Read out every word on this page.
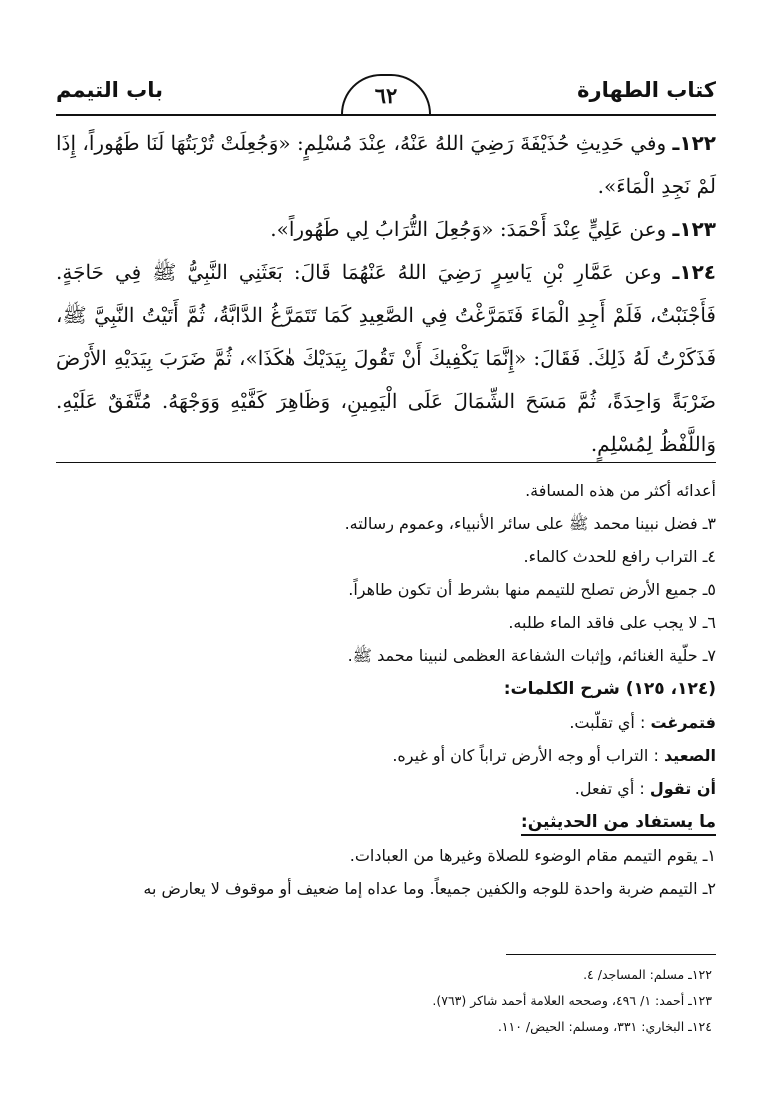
كتاب الطهارة
٦٢
باب التيمم

١٢٢ـ وفي حَدِيثِ حُذَيْفَةَ رَضِيَ اللهُ عَنْهُ، عِنْدَ مُسْلِمٍ: «وَجُعِلَتْ تُرْبَتُهَا لَنَا طَهُوراً، إِذَا لَمْ نَجِدِ الْمَاءَ».

١٢٣ـ وعن عَلِيٍّ عِنْدَ أَحْمَدَ: «وَجُعِلَ التُّرَابُ لِي طَهُوراً».

١٢٤ـ وعن عَمَّارِ بْنِ يَاسِرٍ رَضِيَ اللهُ عَنْهُمَا قَالَ: بَعَثَنِي النَّبِيُّ ﷺ فِي حَاجَةٍ. فَأَجْنَبْتُ، فَلَمْ أَجِدِ الْمَاءَ فَتَمَرَّغْتُ فِي الصَّعِيدِ كَمَا تَتَمَرَّغُ الدَّابَّةُ، ثُمَّ أَتَيْتُ النَّبِيَّ ﷺ، فَذَكَرْتُ لَهُ ذَلِكَ. فَقَالَ: «إِنَّمَا يَكْفِيكَ أَنْ تَقُولَ بِيَدَيْكَ هٰكَذَا»، ثُمَّ ضَرَبَ بِيَدَيْهِ الأَرْضَ ضَرْبَةً وَاحِدَةً، ثُمَّ مَسَحَ الشِّمَالَ عَلَى الْيَمِينِ، وَظَاهِرَ كَفَّيْهِ وَوَجْهَهُ. مُتَّفَقٌ عَلَيْهِ. وَاللَّفْظُ لِمُسْلِمٍ.

أعدائه أكثر من هذه المسافة.

٣ـ فضل نبينا محمد ﷺ على سائر الأنبياء، وعموم رسالته.

٤ـ التراب رافع للحدث كالماء.

٥ـ جميع الأرض تصلح للتيمم منها بشرط أن تكون طاهراً.

٦ـ لا يجب على فاقد الماء طلبه.

٧ـ حلّية الغنائم، وإثبات الشفاعة العظمى لنبينا محمد ﷺ.

(١٢٤، ١٢٥) شرح الكلمات:

فتمرغت : أي تقلّبت.

الصعيد : التراب أو وجه الأرض تراباً كان أو غيره.

أن تقول : أي تفعل.

ما يستفاد من الحديثين:

١ـ يقوم التيمم مقام الوضوء للصلاة وغيرها من العبادات.

٢ـ التيمم ضربة واحدة للوجه والكفين جميعاً. وما عداه إما ضعيف أو موقوف لا يعارض به

١٢٢ـ مسلم: المساجد/ ٤.

١٢٣ـ أحمد: ١/ ٤٩٦، وصححه العلامة أحمد شاكر (٧٦٣).

١٢٤ـ البخاري: ٣٣١، ومسلم: الحيض/ ١١٠.
